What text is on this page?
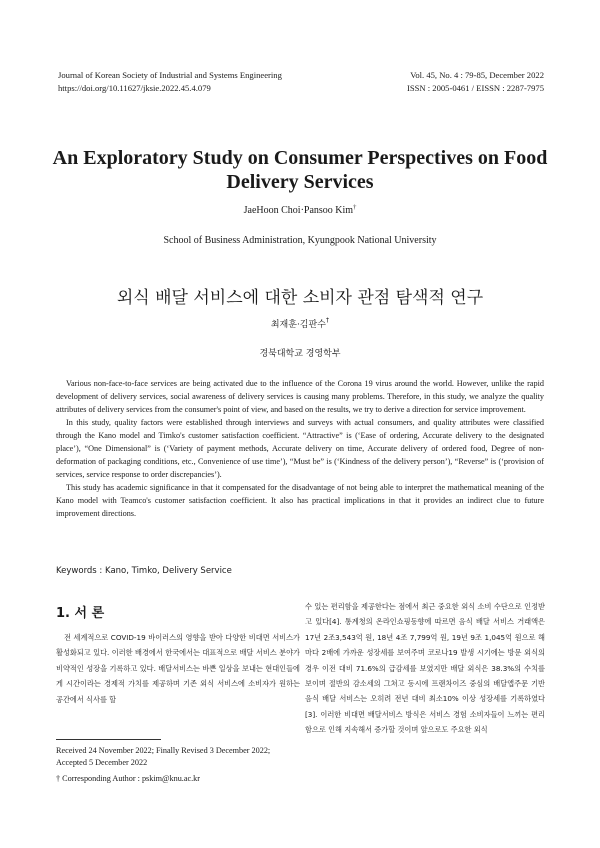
Journal of Korean Society of Industrial and Systems Engineering
https://doi.org/10.11627/jksie.2022.45.4.079
Vol. 45, No. 4 : 79-85, December 2022
ISSN : 2005-0461 / EISSN : 2287-7975
An Exploratory Study on Consumer Perspectives on Food Delivery Services
JaeHoon Choi·Pansoo Kim†
School of Business Administration, Kyungpook National University
외식 배달 서비스에 대한 소비자 관점 탐색적 연구
최재훈·김판수†
경북대학교 경영학부

Various non-face-to-face services are being activated due to the influence of the Corona 19 virus around the world. However, unlike the rapid development of delivery services, social awareness of delivery services is causing many problems. Therefore, in this study, we analyze the quality attributes of delivery services from the consumer's point of view, and based on the results, we try to derive a direction for service improvement.

In this study, quality factors were established through interviews and surveys with actual consumers, and quality attributes were classified through the Kano model and Timko's customer satisfaction coefficient. “Attractive” is (‘Ease of ordering, Accurate delivery to the designated place’), “One Dimensional” is (‘Variety of payment methods, Accurate delivery on time, Accurate delivery of ordered food, Degree of non-deformation of packaging conditions, etc., Convenience of use time’), “Must be” is (‘Kindness of the delivery person’), “Reverse” is (‘provision of services, service response to order discrepancies’).

This study has academic significance in that it compensated for the disadvantage of not being able to interpret the mathematical meaning of the Kano model with Teamco's customer satisfaction coefficient. It also has practical implications in that it provides an indirect clue to future improvement directions.

Keywords : Kano, Timko, Delivery Service
1. 서 론

전 세계적으로 COVID-19 바이러스의 영향을 받아 다양한 비대면 서비스가 활성화되고 있다. 이러한 배경에서 한국에서는 대표적으로 배달 서비스 분야가 비약적인 성장을 기록하고 있다. 배달서비스는 바쁜 일상을 보내는 현대인들에게 시간이라는 경제적 가치를 제공하며 기존 외식 서비스에 소비자가 원하는 공간에서 식사를 할

수 있는 편리함을 제공한다는 점에서 최근 중요한 외식 소비 수단으로 인정받고 있다[4]. 통계청의 온라인쇼핑동향에 따르면 음식 배달 서비스 거래액은 17년 2조3,543억 원, 18년 4조 7,799억 원, 19년 9조 1,045억 원으로 해마다 2배에 가까운 성장세를 보여주며 코로나19 발생 시기에는 방문 외식의 경우 이전 대비 71.6%의 급감세를 보였지만 배달 외식은 38.3%의 수치를 보이며 절반의 감소세의 그쳐고 동시에 프랜차이즈 중심의 배달앱주문 기반 음식 배달 서비스는 오히려 전년 대비 최소10% 이상 성장세를 기록하였다[3]. 이러한 비대면 배달서비스 방식은 서비스 경험 소비자들이 느끼는 편리함으로 인해 지속해서 증가할 것이며 앞으로도 주요한 외식

Received 24 November 2022; Finally Revised 3 December 2022; Accepted 5 December 2022
† Corresponding Author : pskim@knu.ac.kr
